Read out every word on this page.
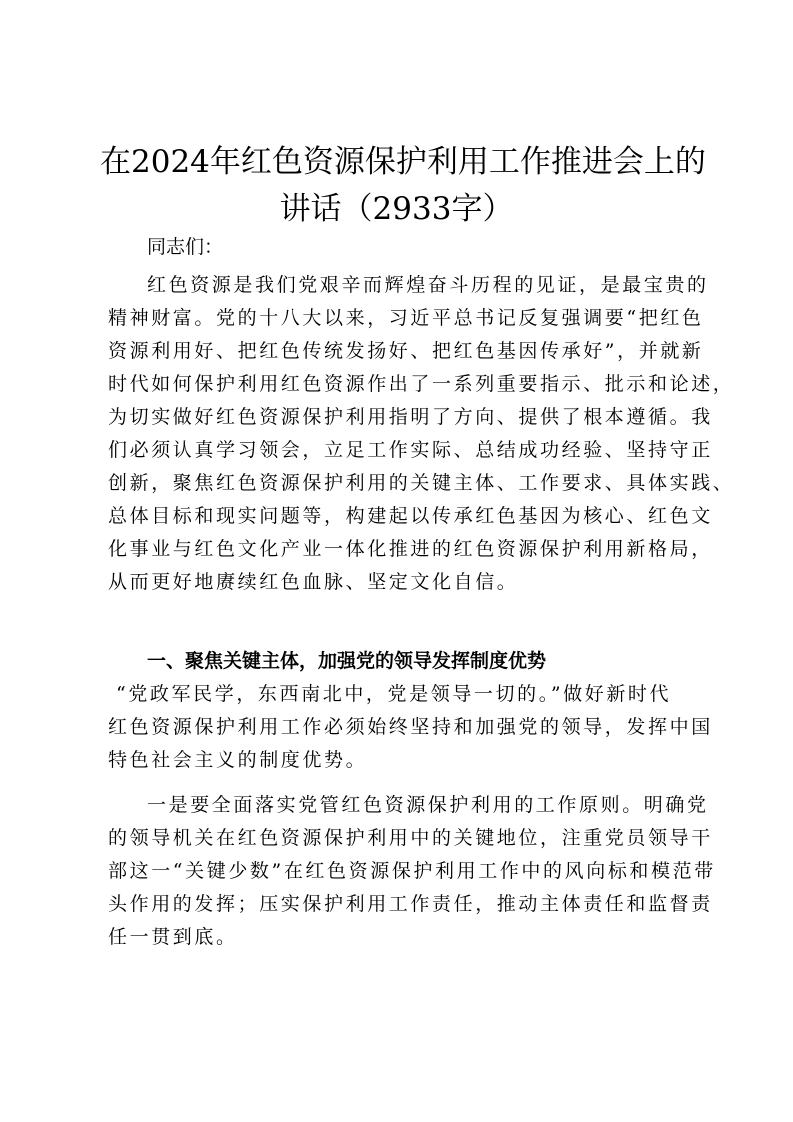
在2024年红色资源保护利用工作推进会上的
讲话（2933字）
同志们：
红色资源是我们党艰辛而辉煌奋斗历程的见证，是最宝贵的
精神财富。党的十八大以来，习近平总书记反复强调要“把红色
资源利用好、把红色传统发扬好、把红色基因传承好”，并就新
时代如何保护利用红色资源作出了一系列重要指示、批示和论述，
为切实做好红色资源保护利用指明了方向、提供了根本遵循。我
们必须认真学习领会，立足工作实际、总结成功经验、坚持守正
创新，聚焦红色资源保护利用的关键主体、工作要求、具体实践、
总体目标和现实问题等，构建起以传承红色基因为核心、红色文
化事业与红色文化产业一体化推进的红色资源保护利用新格局，
从而更好地赓续红色血脉、坚定文化自信。
一、聚焦关键主体，加强党的领导发挥制度优势
“党政军民学，东西南北中，党是领导一切的。”做好新时代
红色资源保护利用工作必须始终坚持和加强党的领导，发挥中国
特色社会主义的制度优势。
一是要全面落实党管红色资源保护利用的工作原则。明确党
的领导机关在红色资源保护利用中的关键地位，注重党员领导干
部这一“关键少数”在红色资源保护利用工作中的风向标和模范带
头作用的发挥；压实保护利用工作责任，推动主体责任和监督责
任一贯到底。
